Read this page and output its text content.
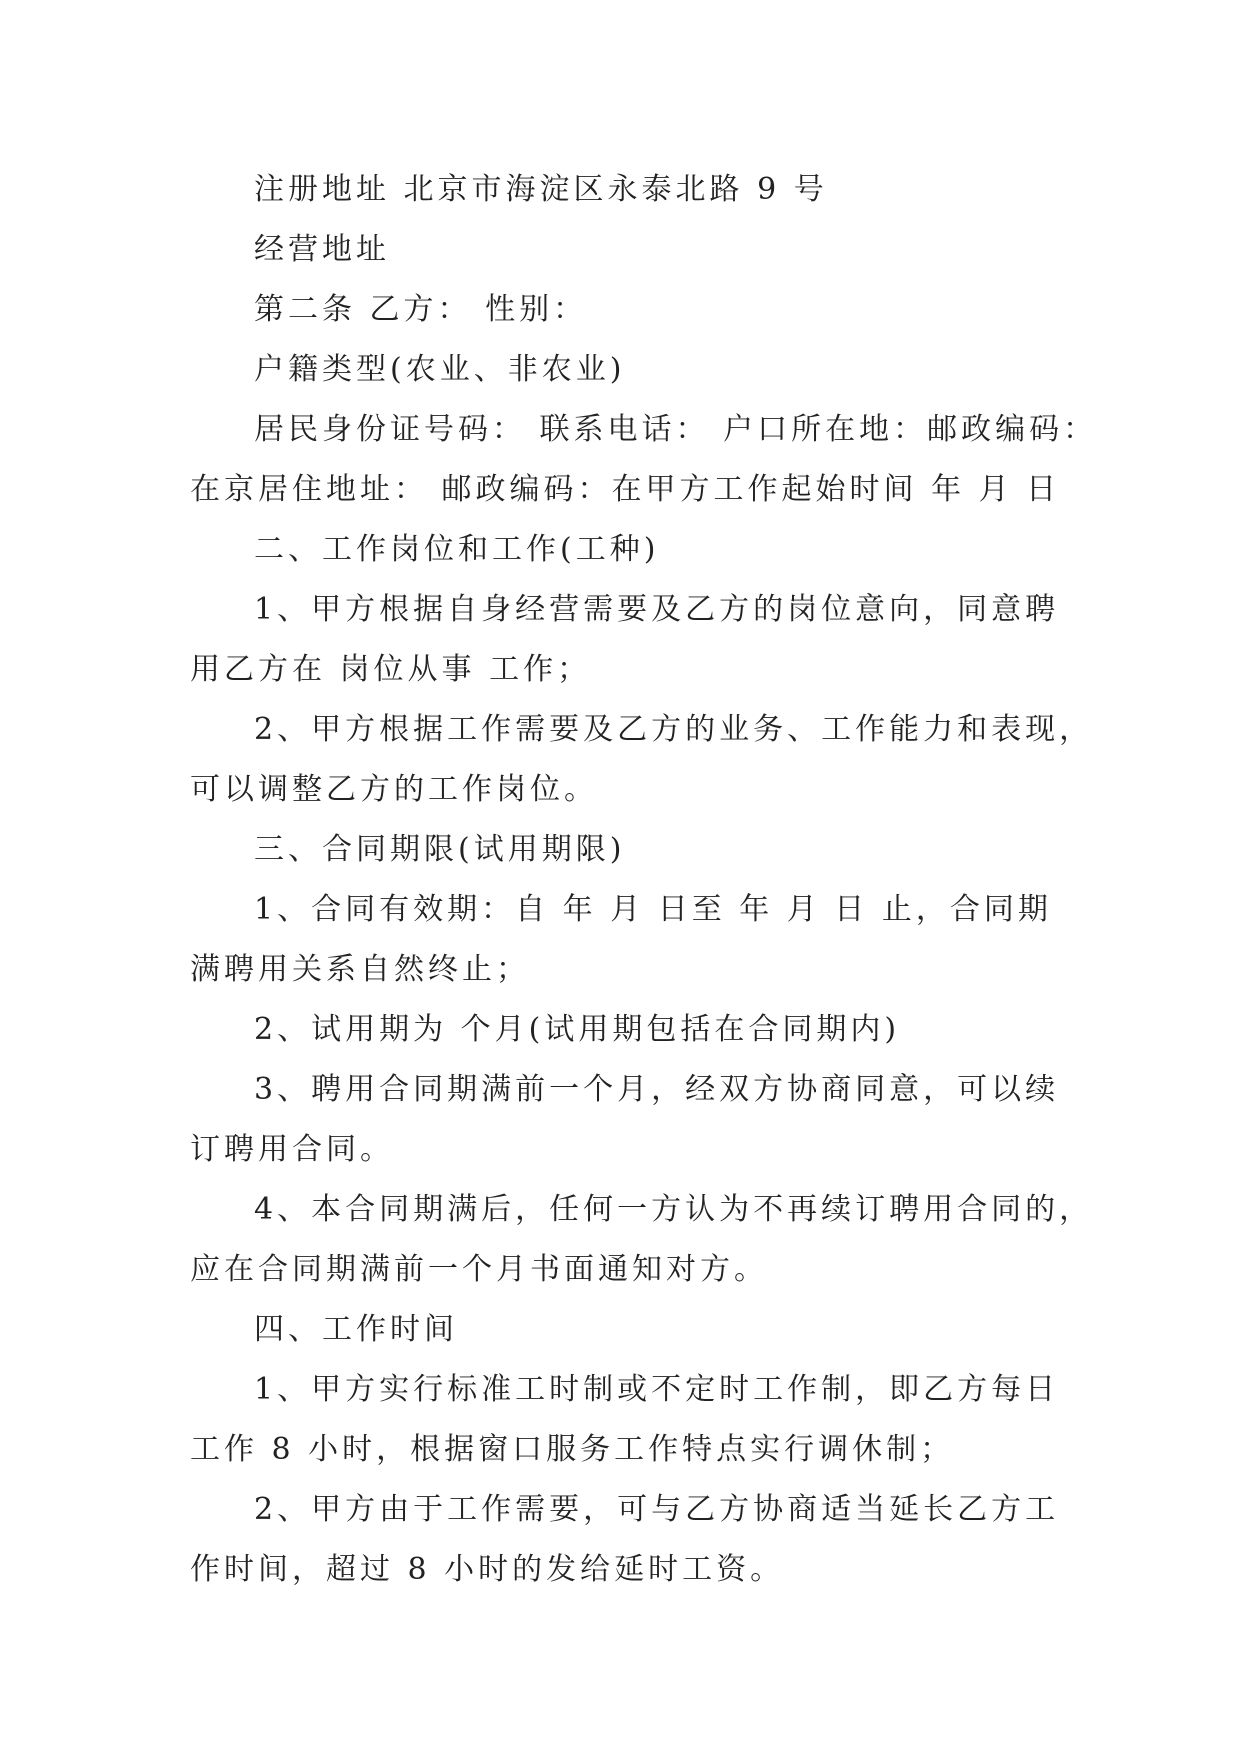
注册地址 北京市海淀区永泰北路 9 号
经营地址
第二条 乙方： 性别：
户籍类型(农业、非农业)
居民身份证号码： 联系电话： 户口所在地：邮政编码：
在京居住地址： 邮政编码：在甲方工作起始时间 年 月 日
二、工作岗位和工作(工种)
1、甲方根据自身经营需要及乙方的岗位意向，同意聘
用乙方在 岗位从事 工作；
2、甲方根据工作需要及乙方的业务、工作能力和表现，
可以调整乙方的工作岗位。
三、合同期限(试用期限)
1、合同有效期：自 年 月 日至 年 月 日 止，合同期
满聘用关系自然终止；
2、试用期为 个月(试用期包括在合同期内)
3、聘用合同期满前一个月，经双方协商同意，可以续
订聘用合同。
4、本合同期满后，任何一方认为不再续订聘用合同的，
应在合同期满前一个月书面通知对方。
四、工作时间
1、甲方实行标准工时制或不定时工作制，即乙方每日
工作 8 小时，根据窗口服务工作特点实行调休制；
2、甲方由于工作需要，可与乙方协商适当延长乙方工
作时间，超过 8 小时的发给延时工资。
